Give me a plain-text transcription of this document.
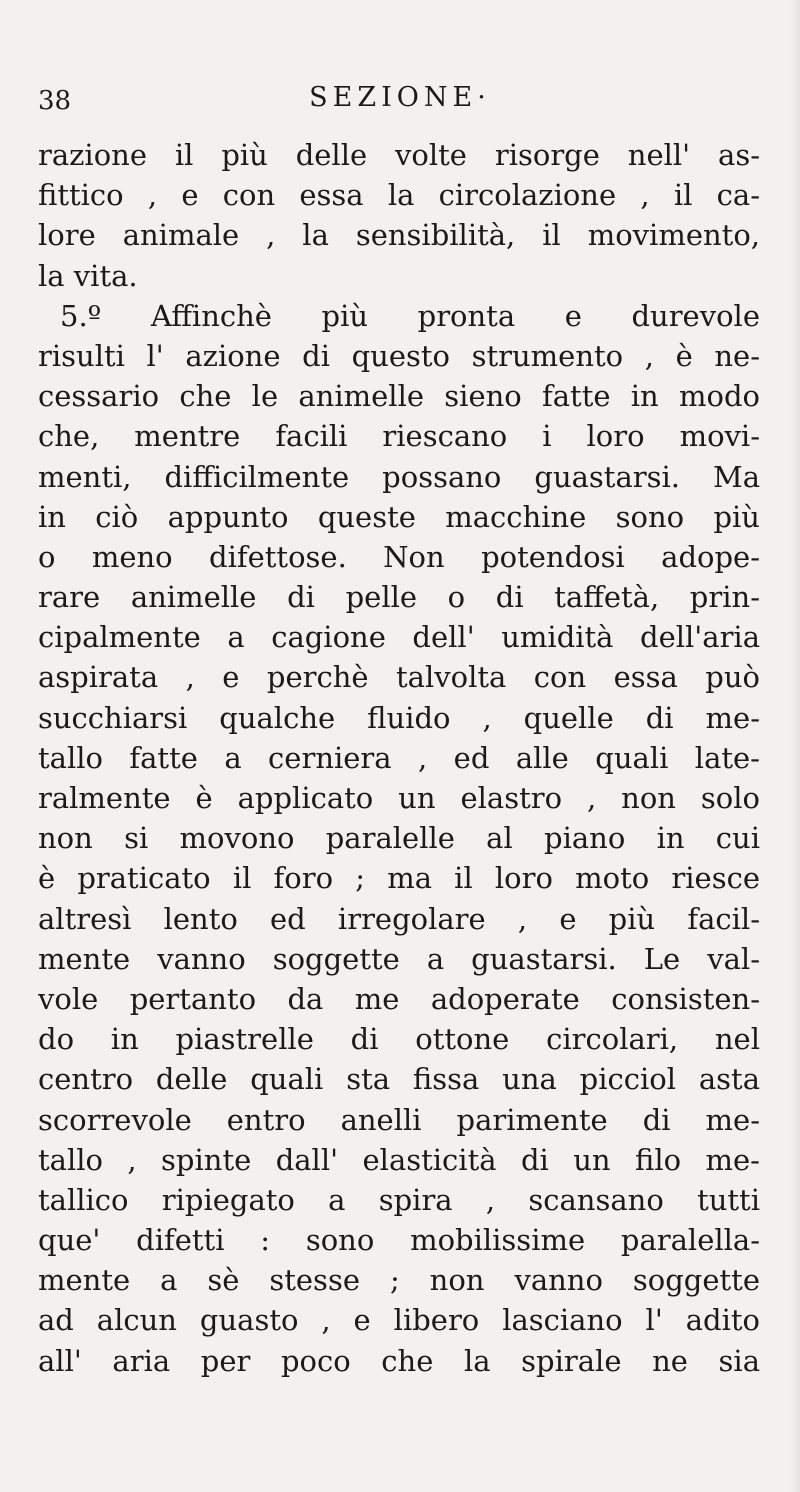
38	SEZIONE·
razione il più delle volte risorge nell' as-
fittico , e con essa la circolazione , il ca-
lore animale , la sensibilità, il movimento,
la vita.
5.º Affinchè più pronta e durevole
risulti l' azione di questo strumento , è ne-
cessario che le animelle sieno fatte in modo
che, mentre facili riescano i loro movi-
menti, difficilmente possano guastarsi. Ma
in ciò appunto queste macchine sono più
o meno difettose. Non potendosi adope-
rare animelle di pelle o di taffetà, prin-
cipalmente a cagione dell' umidità dell'aria
aspirata , e perchè talvolta con essa può
succhiarsi qualche fluido , quelle di me-
tallo fatte a cerniera , ed alle quali late-
ralmente è applicato un elastro , non solo
non si movono paralelle al piano in cui
è praticato il foro ; ma il loro moto riesce
altresì lento ed irregolare , e più facil-
mente vanno soggette a guastarsi. Le val-
vole pertanto da me adoperate consisten-
do in piastrelle di ottone circolari, nel
centro delle quali sta fissa una picciol asta
scorrevole entro anelli parimente di me-
tallo , spinte dall' elasticità di un filo me-
tallico ripiegato a spira , scansano tutti
que' difetti : sono mobilissime paralella-
mente a sè stesse ; non vanno soggette
ad alcun guasto , e libero lasciano l' adito
all' aria per poco che la spirale ne sia
